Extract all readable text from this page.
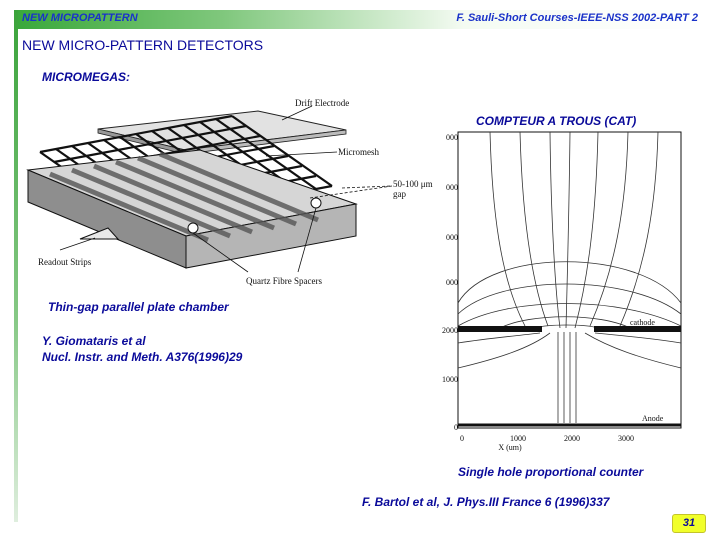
NEW MICROPATTERN	F. Sauli-Short Courses-IEEE-NSS 2002-PART 2
NEW MICRO-PATTERN DETECTORS
MICROMEGAS:
Drift Electrode
Micromesh
50-100 μm
gap
Readout Strips
Quartz Fibre Spacers
Thin-gap parallel plate chamber
Y. Giomataris et al
Nucl. Instr. and Meth. A376(1996)29
COMPTEUR A TROUS (CAT)
000
000
000
000
2000
1000
0
0	1000	2000	3000
X (um)
cathode
Anode
Single hole proportional counter
F. Bartol et al, J. Phys.III France 6 (1996)337
31
